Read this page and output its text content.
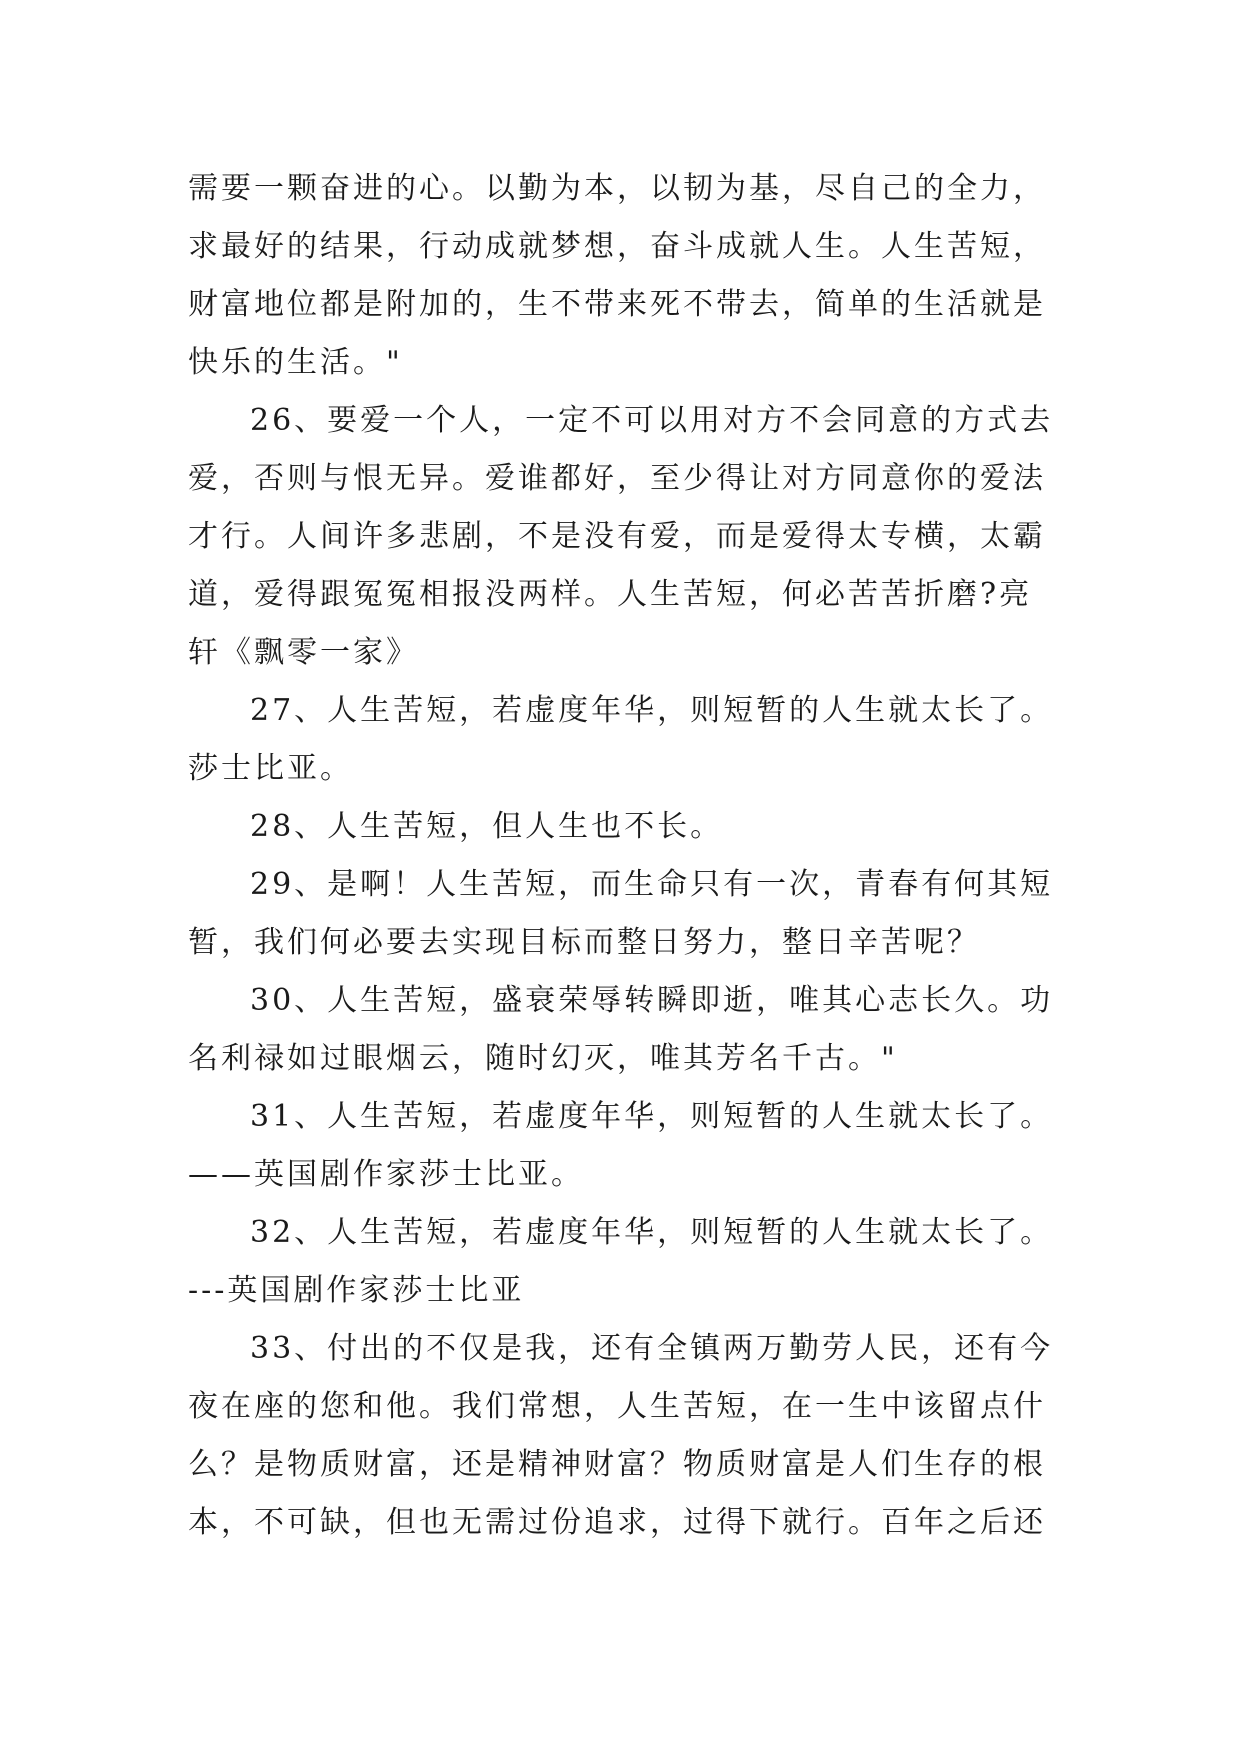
需要一颗奋进的心。以勤为本，以韧为基，尽自己的全力，
求最好的结果，行动成就梦想，奋斗成就人生。人生苦短，
财富地位都是附加的，生不带来死不带去，简单的生活就是
快乐的生活。"
26、要爱一个人，一定不可以用对方不会同意的方式去
爱，否则与恨无异。爱谁都好，至少得让对方同意你的爱法
才行。人间许多悲剧，不是没有爱，而是爱得太专横，太霸
道，爱得跟冤冤相报没两样。人生苦短，何必苦苦折磨?亮
轩《飘零一家》
27、人生苦短，若虚度年华，则短暂的人生就太长了。
莎士比亚。
28、人生苦短，但人生也不长。
29、是啊！人生苦短，而生命只有一次，青春有何其短
暂，我们何必要去实现目标而整日努力，整日辛苦呢？
30、人生苦短，盛衰荣辱转瞬即逝，唯其心志长久。功
名利禄如过眼烟云，随时幻灭，唯其芳名千古。"
31、人生苦短，若虚度年华，则短暂的人生就太长了。
——英国剧作家莎士比亚。
32、人生苦短，若虚度年华，则短暂的人生就太长了。
---英国剧作家莎士比亚
33、付出的不仅是我，还有全镇两万勤劳人民，还有今
夜在座的您和他。我们常想，人生苦短，在一生中该留点什
么？是物质财富，还是精神财富？物质财富是人们生存的根
本，不可缺，但也无需过份追求，过得下就行。百年之后还
